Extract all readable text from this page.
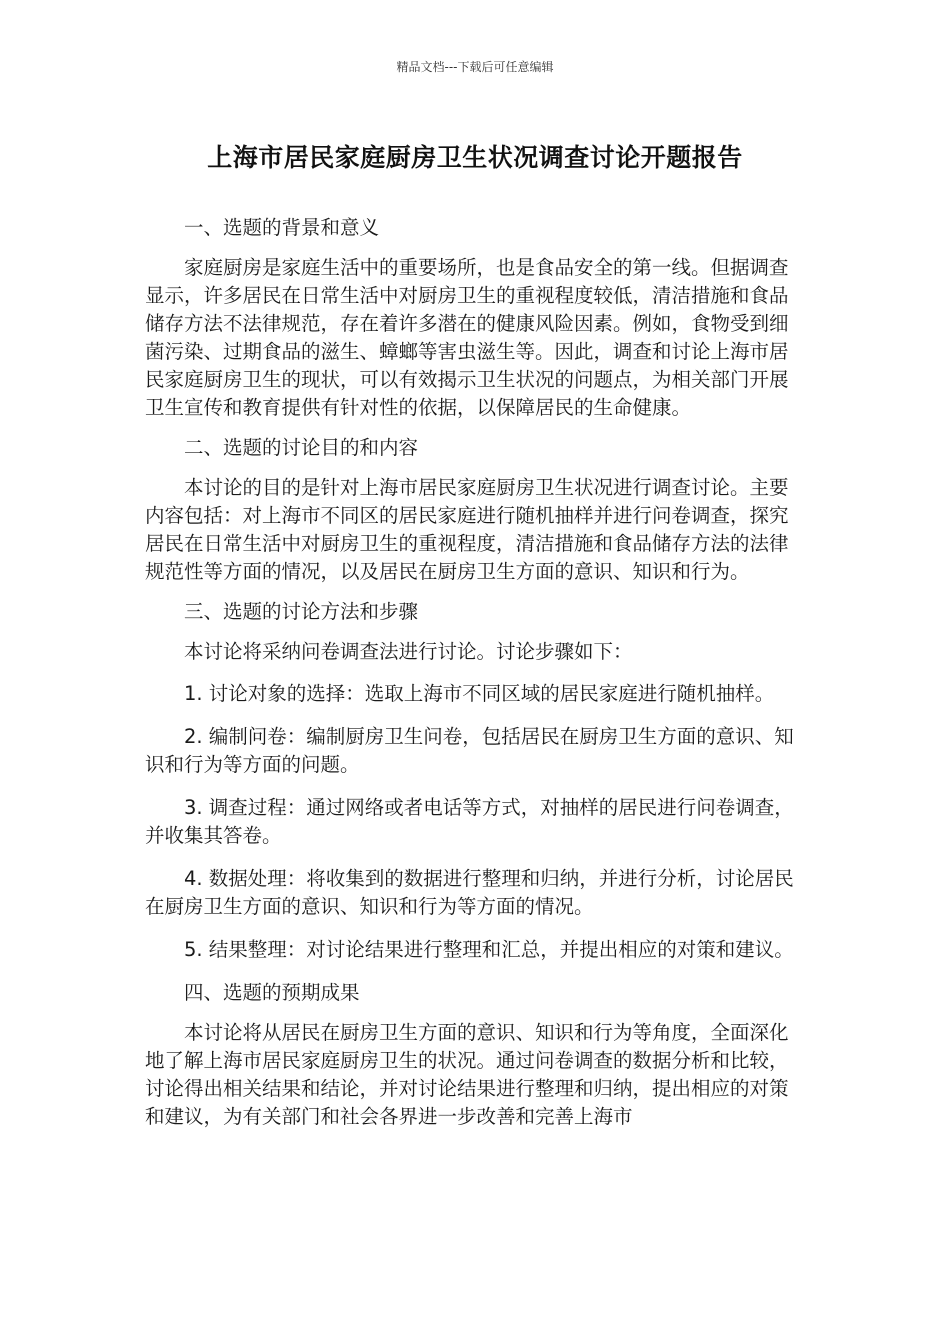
精品文档---下载后可任意编辑
上海市居民家庭厨房卫生状况调查讨论开题报告

一、选题的背景和意义

家庭厨房是家庭生活中的重要场所，也是食品安全的第一线。但据调查显示，许多居民在日常生活中对厨房卫生的重视程度较低，清洁措施和食品储存方法不法律规范，存在着许多潜在的健康风险因素。例如，食物受到细菌污染、过期食品的滋生、蟑螂等害虫滋生等。因此，调查和讨论上海市居民家庭厨房卫生的现状，可以有效揭示卫生状况的问题点，为相关部门开展卫生宣传和教育提供有针对性的依据，以保障居民的生命健康。

二、选题的讨论目的和内容

本讨论的目的是针对上海市居民家庭厨房卫生状况进行调查讨论。主要内容包括：对上海市不同区的居民家庭进行随机抽样并进行问卷调查，探究居民在日常生活中对厨房卫生的重视程度，清洁措施和食品储存方法的法律规范性等方面的情况，以及居民在厨房卫生方面的意识、知识和行为。

三、选题的讨论方法和步骤

本讨论将采纳问卷调查法进行讨论。讨论步骤如下：

1. 讨论对象的选择：选取上海市不同区域的居民家庭进行随机抽样。

2. 编制问卷：编制厨房卫生问卷，包括居民在厨房卫生方面的意识、知识和行为等方面的问题。

3. 调查过程：通过网络或者电话等方式，对抽样的居民进行问卷调查，并收集其答卷。

4. 数据处理：将收集到的数据进行整理和归纳，并进行分析，讨论居民在厨房卫生方面的意识、知识和行为等方面的情况。

5. 结果整理：对讨论结果进行整理和汇总，并提出相应的对策和建议。

四、选题的预期成果

本讨论将从居民在厨房卫生方面的意识、知识和行为等角度，全面深化地了解上海市居民家庭厨房卫生的状况。通过问卷调查的数据分析和比较，讨论得出相关结果和结论，并对讨论结果进行整理和归纳，提出相应的对策和建议，为有关部门和社会各界进一步改善和完善上海市
